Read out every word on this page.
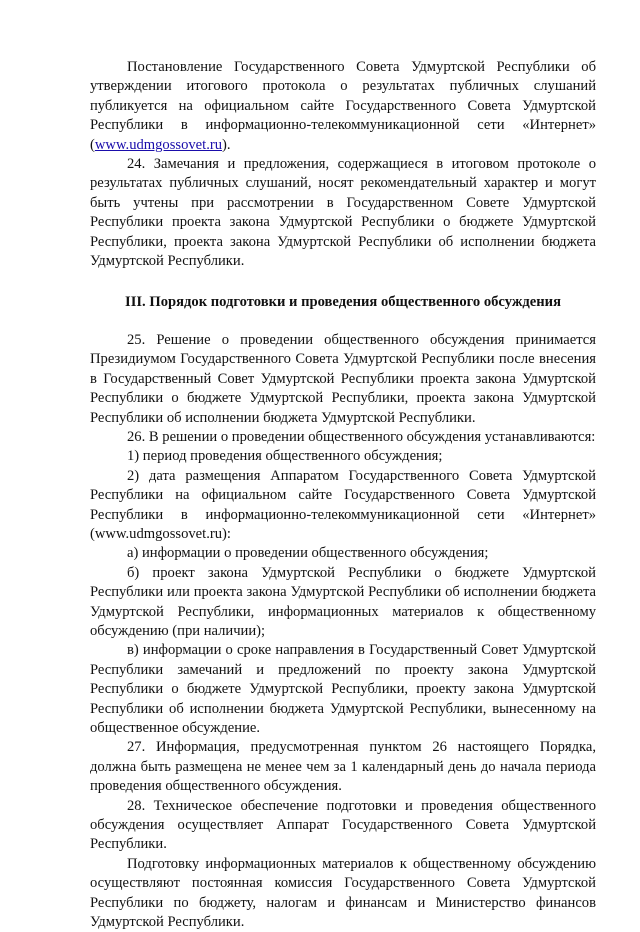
Постановление Государственного Совета Удмуртской Республики об утверждении итогового протокола о результатах публичных слушаний публикуется на официальном сайте Государственного Совета Удмуртской Республики в информационно-телекоммуникационной сети «Интернет» (www.udmgossovet.ru).

24. Замечания и предложения, содержащиеся в итоговом протоколе о результатах публичных слушаний, носят рекомендательный характер и могут быть учтены при рассмотрении в Государственном Совете Удмуртской Республики проекта закона Удмуртской Республики о бюджете Удмуртской Республики, проекта закона Удмуртской Республики об исполнении бюджета Удмуртской Республики.

III. Порядок подготовки и проведения общественного обсуждения

25. Решение о проведении общественного обсуждения принимается Президиумом Государственного Совета Удмуртской Республики после внесения в Государственный Совет Удмуртской Республики проекта закона Удмуртской Республики о бюджете Удмуртской Республики, проекта закона Удмуртской Республики об исполнении бюджета Удмуртской Республики.

26. В решении о проведении общественного обсуждения устанавливаются:

1) период проведения общественного обсуждения;

2) дата размещения Аппаратом Государственного Совета Удмуртской Республики на официальном сайте Государственного Совета Удмуртской Республики в информационно-телекоммуникационной сети «Интернет» (www.udmgossovet.ru):

а) информации о проведении общественного обсуждения;

б) проект закона Удмуртской Республики о бюджете Удмуртской Республики или проекта закона Удмуртской Республики об исполнении бюджета Удмуртской Республики, информационных материалов к общественному обсуждению (при наличии);

в) информации о сроке направления в Государственный Совет Удмуртской Республики замечаний и предложений по проекту закона Удмуртской Республики о бюджете Удмуртской Республики, проекту закона Удмуртской Республики об исполнении бюджета Удмуртской Республики, вынесенному на общественное обсуждение.

27. Информация, предусмотренная пунктом 26 настоящего Порядка, должна быть размещена не менее чем за 1 календарный день до начала периода проведения общественного обсуждения.

28. Техническое обеспечение подготовки и проведения общественного обсуждения осуществляет Аппарат Государственного Совета Удмуртской Республики.

Подготовку информационных материалов к общественному обсуждению осуществляют постоянная комиссия Государственного Совета Удмуртской Республики по бюджету, налогам и финансам и Министерство финансов Удмуртской Республики.
